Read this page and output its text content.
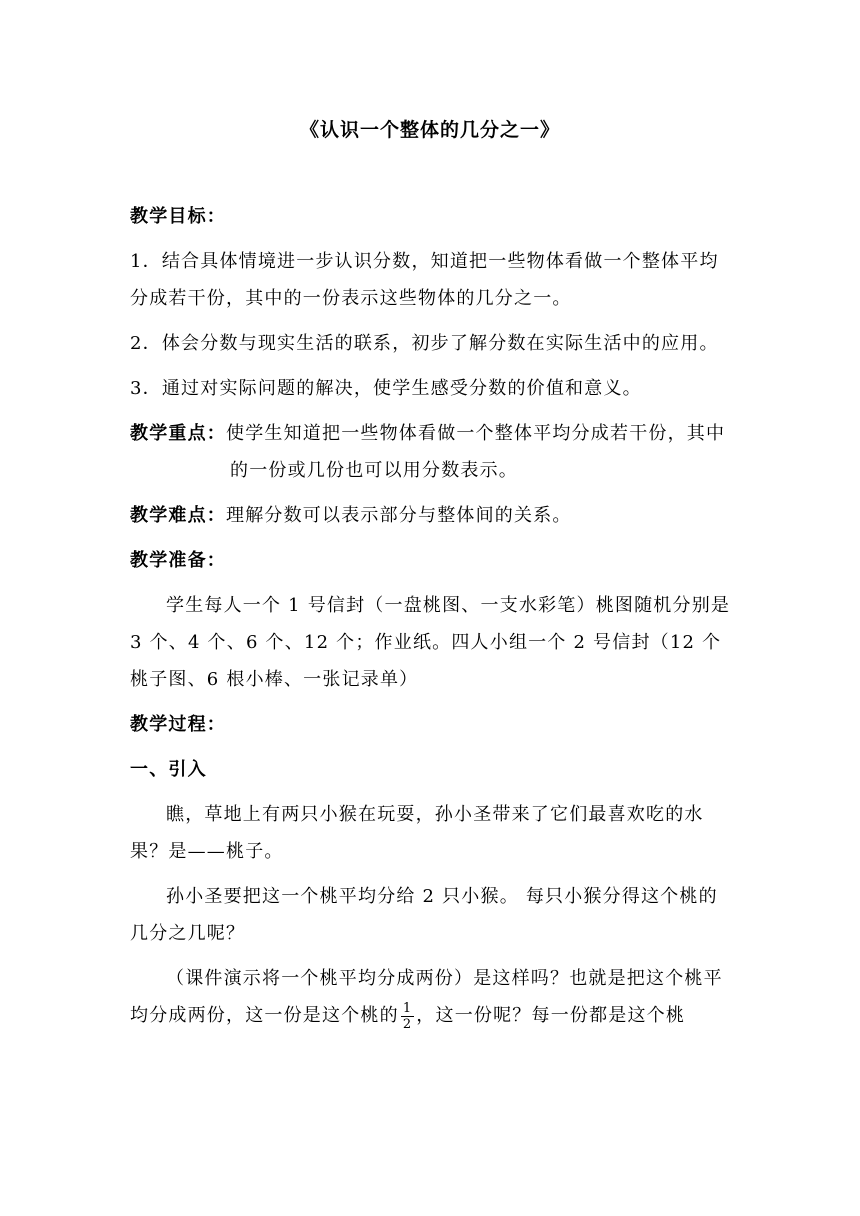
《认识一个整体的几分之一》

教学目标：

1．结合具体情境进一步认识分数，知道把一些物体看做一个整体平均分成若干份，其中的一份表示这些物体的几分之一。

2．体会分数与现实生活的联系，初步了解分数在实际生活中的应用。

3．通过对实际问题的解决，使学生感受分数的价值和意义。

教学重点：使学生知道把一些物体看做一个整体平均分成若干份，其中的一份或几份也可以用分数表示。

教学难点：理解分数可以表示部分与整体间的关系。

教学准备：

学生每人一个 1 号信封（一盘桃图、一支水彩笔）桃图随机分别是 3 个、4 个、6 个、12 个；作业纸。四人小组一个 2 号信封（12 个桃子图、6 根小棒、一张记录单）

教学过程：

一、引入

瞧，草地上有两只小猴在玩耍，孙小圣带来了它们最喜欢吃的水果？是——桃子。

孙小圣要把这一个桃平均分给 2 只小猴。 每只小猴分得这个桃的几分之几呢？

（课件演示将一个桃平均分成两份）是这样吗？也就是把这个桃平均分成两份，这一份是这个桃的 $\frac{1}{2}$ ，这一份呢？每一份都是这个桃
